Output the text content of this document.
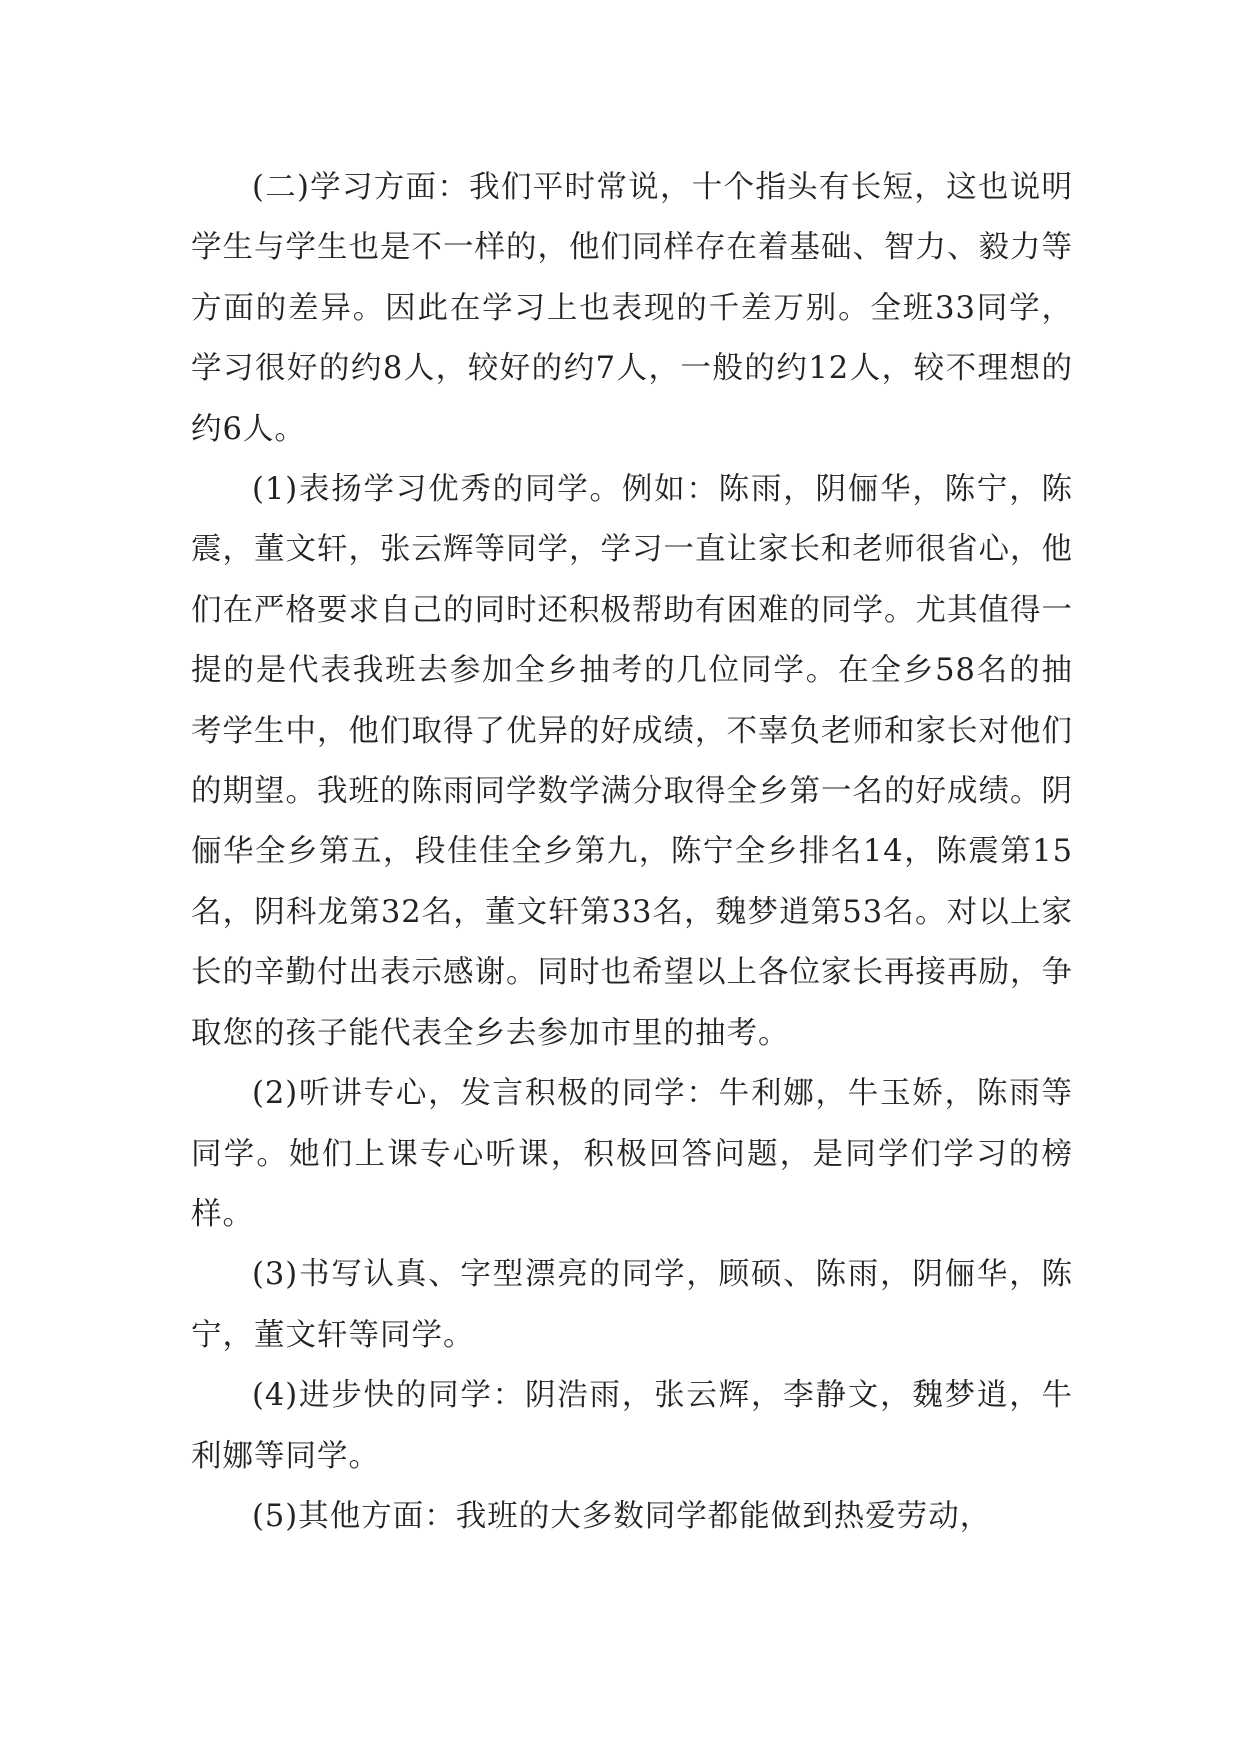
(二)学习方面：我们平时常说，十个指头有长短，这也说明学生与学生也是不一样的，他们同样存在着基础、智力、毅力等方面的差异。因此在学习上也表现的千差万别。全班33同学，学习很好的约8人，较好的约7人，一般的约12人，较不理想的约6人。

(1)表扬学习优秀的同学。例如：陈雨，阴俪华，陈宁，陈震，董文轩，张云辉等同学，学习一直让家长和老师很省心，他们在严格要求自己的同时还积极帮助有困难的同学。尤其值得一提的是代表我班去参加全乡抽考的几位同学。在全乡58名的抽考学生中，他们取得了优异的好成绩，不辜负老师和家长对他们的期望。我班的陈雨同学数学满分取得全乡第一名的好成绩。阴俪华全乡第五，段佳佳全乡第九，陈宁全乡排名14，陈震第15名，阴科龙第32名，董文轩第33名，魏梦逍第53名。对以上家长的辛勤付出表示感谢。同时也希望以上各位家长再接再励，争取您的孩子能代表全乡去参加市里的抽考。

(2)听讲专心，发言积极的同学：牛利娜，牛玉娇，陈雨等同学。她们上课专心听课，积极回答问题，是同学们学习的榜样。

(3)书写认真、字型漂亮的同学，顾硕、陈雨，阴俪华，陈宁，董文轩等同学。

(4)进步快的同学：阴浩雨，张云辉，李静文，魏梦逍，牛利娜等同学。

(5)其他方面：我班的大多数同学都能做到热爱劳动，
